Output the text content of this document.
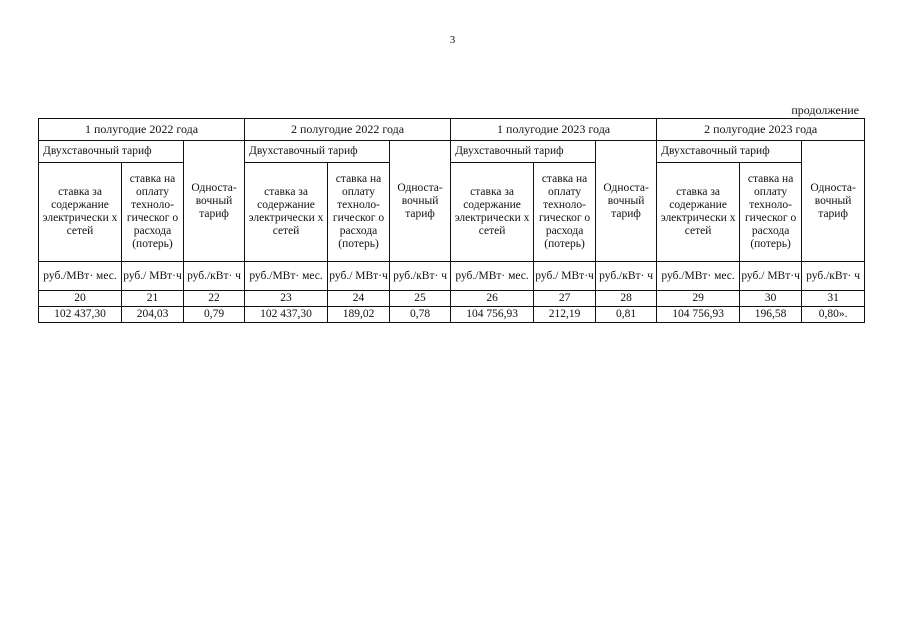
3
продолжение
1 полугодие 2022 года			2 полугодие 2022 года			1 полугодие 2023 года			2 полугодие 2023 года		
Двухставочный тариф		Односта- вочный тариф	Двухставочный тариф		Односта- вочный тариф	Двухставочный тариф		Односта- вочный тариф	Двухставочный тариф		Односта- вочный тариф
ставка за содержание электрически х сетей	ставка на оплату техноло- гическог о расхода (потерь)		ставка за содержание электрически х сетей	ставка на оплату техноло- гическог о расхода (потерь)		ставка за содержание электрически х сетей	ставка на оплату техноло- гическог о расхода (потерь)		ставка за содержание электрически х сетей	ставка на оплату техноло- гическог о расхода (потерь)	
руб./МВт· мес.	руб./ МВт·ч	руб./кВт· ч	руб./МВт· мес.	руб./ МВт·ч	руб./кВт· ч	руб./МВт· мес.	руб./ МВт·ч	руб./кВт· ч	руб./МВт· мес.	руб./ МВт·ч	руб./кВт· ч
20	21	22	23	24	25	26	27	28	29	30	31
102 437,30	204,03	0,79	102 437,30	189,02	0,78	104 756,93	212,19	0,81	104 756,93	196,58	0,80».
